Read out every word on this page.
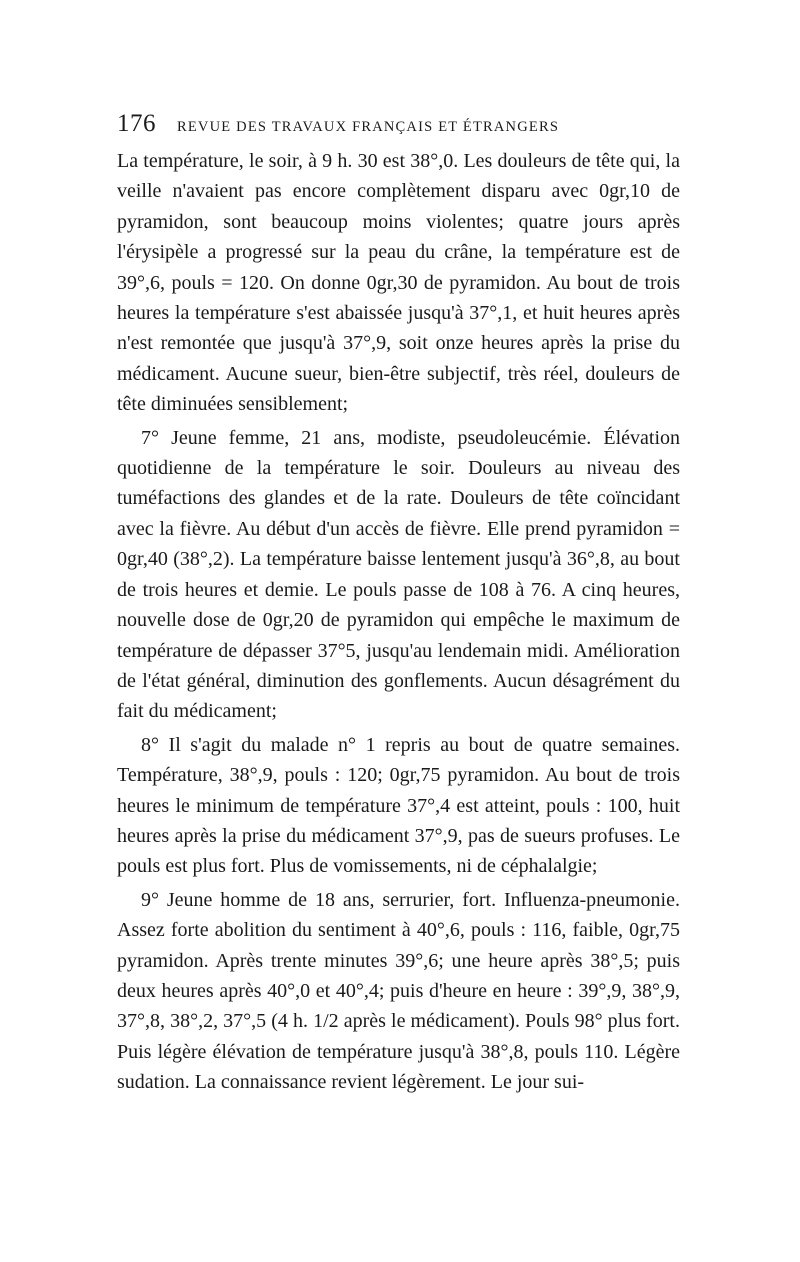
176	REVUE DES TRAVAUX FRANÇAIS ET ÉTRANGERS

La température, le soir, à 9 h. 30 est 38°,0. Les douleurs de tête qui, la veille n'avaient pas encore complètement disparu avec 0gr,10 de pyramidon, sont beaucoup moins violentes; quatre jours après l'érysipèle a progressé sur la peau du crâne, la température est de 39°,6, pouls = 120. On donne 0gr,30 de pyramidon. Au bout de trois heures la température s'est abaissée jusqu'à 37°,1, et huit heures après n'est remontée que jusqu'à 37°,9, soit onze heures après la prise du médicament. Aucune sueur, bien-être subjectif, très réel, douleurs de tête diminuées sensiblement;

7° Jeune femme, 21 ans, modiste, pseudoleucémie. Élévation quotidienne de la température le soir. Douleurs au niveau des tuméfactions des glandes et de la rate. Douleurs de tête coïncidant avec la fièvre. Au début d'un accès de fièvre. Elle prend pyramidon = 0gr,40 (38°,2). La température baisse lentement jusqu'à 36°,8, au bout de trois heures et demie. Le pouls passe de 108 à 76. A cinq heures, nouvelle dose de 0gr,20 de pyramidon qui empêche le maximum de température de dépasser 37°5, jusqu'au lendemain midi. Amélioration de l'état général, diminution des gonflements. Aucun désagrément du fait du médicament;

8° Il s'agit du malade n° 1 repris au bout de quatre semaines. Température, 38°,9, pouls : 120; 0gr,75 pyramidon. Au bout de trois heures le minimum de température 37°,4 est atteint, pouls : 100, huit heures après la prise du médicament 37°,9, pas de sueurs profuses. Le pouls est plus fort. Plus de vomissements, ni de céphalalgie;

9° Jeune homme de 18 ans, serrurier, fort. Influenza-pneumonie. Assez forte abolition du sentiment à 40°,6, pouls : 116, faible, 0gr,75 pyramidon. Après trente minutes 39°,6; une heure après 38°,5; puis deux heures après 40°,0 et 40°,4; puis d'heure en heure : 39°,9, 38°,9, 37°,8, 38°,2, 37°,5 (4 h. 1/2 après le médicament). Pouls 98° plus fort. Puis légère élévation de température jusqu'à 38°,8, pouls 110. Légère sudation. La connaissance revient légèrement. Le jour sui-
